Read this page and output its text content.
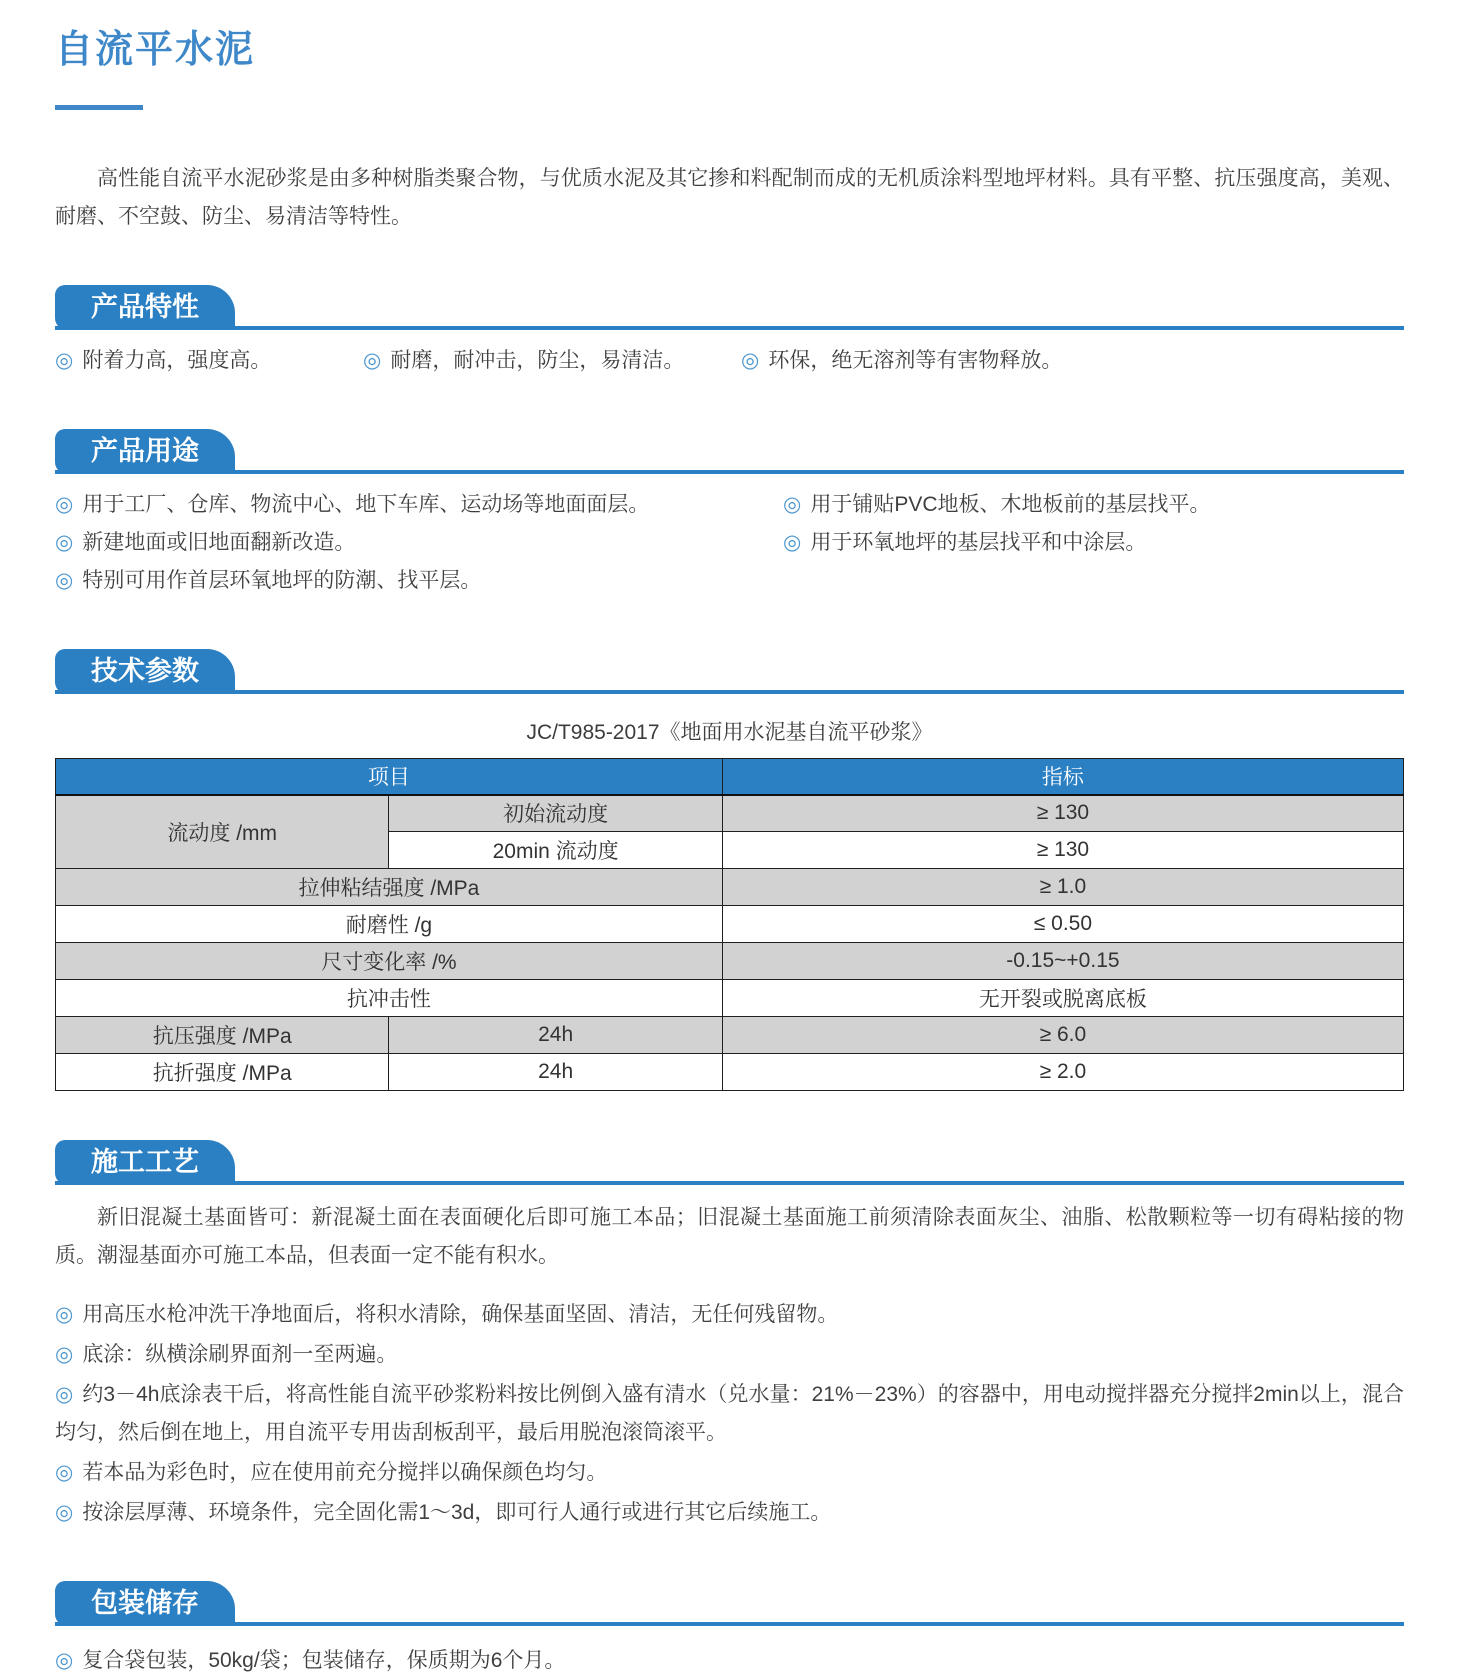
自流平水泥

高性能自流平水泥砂浆是由多种树脂类聚合物，与优质水泥及其它掺和料配制而成的无机质涂料型地坪材料。具有平整、抗压强度高，美观、耐磨、不空鼓、防尘、易清洁等特性。

产品特性
◎ 附着力高，强度高。	◎ 耐磨，耐冲击，防尘，易清洁。	◎ 环保，绝无溶剂等有害物释放。
产品用途
◎ 用于工厂、仓库、物流中心、地下车库、运动场等地面面层。
◎ 新建地面或旧地面翻新改造。
◎ 特别可用作首层环氧地坪的防潮、找平层。
◎ 用于铺贴PVC地板、木地板前的基层找平。
◎ 用于环氧地坪的基层找平和中涂层。
技术参数
JC/T985-2017《地面用水泥基自流平砂浆》
项目		指标
流动度 /mm	初始流动度	≥ 130
	20min 流动度	≥ 130
拉伸粘结强度 /MPa		≥ 1.0
耐磨性 /g		≤ 0.50
尺寸变化率 /%		-0.15~+0.15
抗冲击性		无开裂或脱离底板
抗压强度 /MPa	24h	≥ 6.0
抗折强度 /MPa	24h	≥ 2.0
施工工艺

新旧混凝土基面皆可：新混凝土面在表面硬化后即可施工本品；旧混凝土基面施工前须清除表面灰尘、油脂、松散颗粒等一切有碍粘接的物质。潮湿基面亦可施工本品，但表面一定不能有积水。

◎ 用高压水枪冲洗干净地面后，将积水清除，确保基面坚固、清洁，无任何残留物。
◎ 底涂：纵横涂刷界面剂一至两遍。
◎ 约3－4h底涂表干后，将高性能自流平砂浆粉料按比例倒入盛有清水（兑水量：21%－23%）的容器中，用电动搅拌器充分搅拌2min以上，混合均匀，然后倒在地上，用自流平专用齿刮板刮平，最后用脱泡滚筒滚平。
◎ 若本品为彩色时，应在使用前充分搅拌以确保颜色均匀。
◎ 按涂层厚薄、环境条件，完全固化需1～3d，即可行人通行或进行其它后续施工。
包装储存
◎ 复合袋包装，50kg/袋；包装储存，保质期为6个月。
